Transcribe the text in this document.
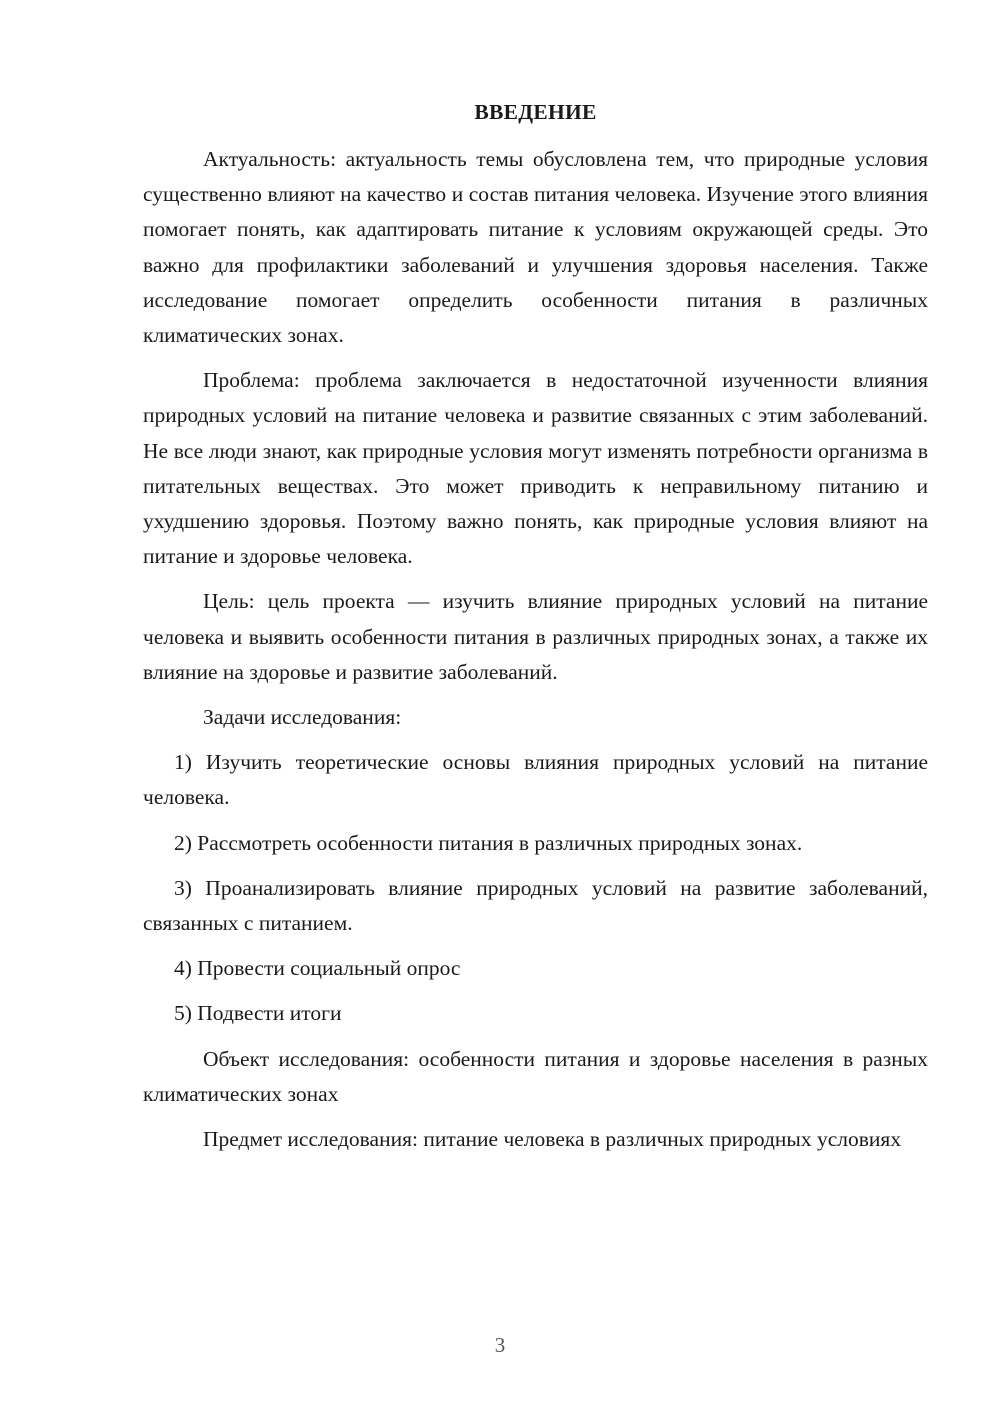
ВВЕДЕНИЕ

Актуальность: актуальность темы обусловлена тем, что природные условия существенно влияют на качество и состав питания человека. Изучение этого влияния помогает понять, как адаптировать питание к условиям окружающей среды. Это важно для профилактики заболеваний и улучшения здоровья населения. Также исследование помогает определить особенности питания в различных климатических зонах.

Проблема: проблема заключается в недостаточной изученности влияния природных условий на питание человека и развитие связанных с этим заболеваний. Не все люди знают, как природные условия могут изменять потребности организма в питательных веществах. Это может приводить к неправильному питанию и ухудшению здоровья. Поэтому важно понять, как природные условия влияют на питание и здоровье человека.

Цель: цель проекта — изучить влияние природных условий на питание человека и выявить особенности питания в различных природных зонах, а также их влияние на здоровье и развитие заболеваний.

Задачи исследования:

1) Изучить теоретические основы влияния природных условий на питание человека.

2) Рассмотреть особенности питания в различных природных зонах.

3) Проанализировать влияние природных условий на развитие заболеваний, связанных с питанием.

4) Провести социальный опрос

5) Подвести итоги

Объект исследования: особенности питания и здоровье населения в разных климатических зонах

Предмет исследования: питание человека в различных природных условиях

3
